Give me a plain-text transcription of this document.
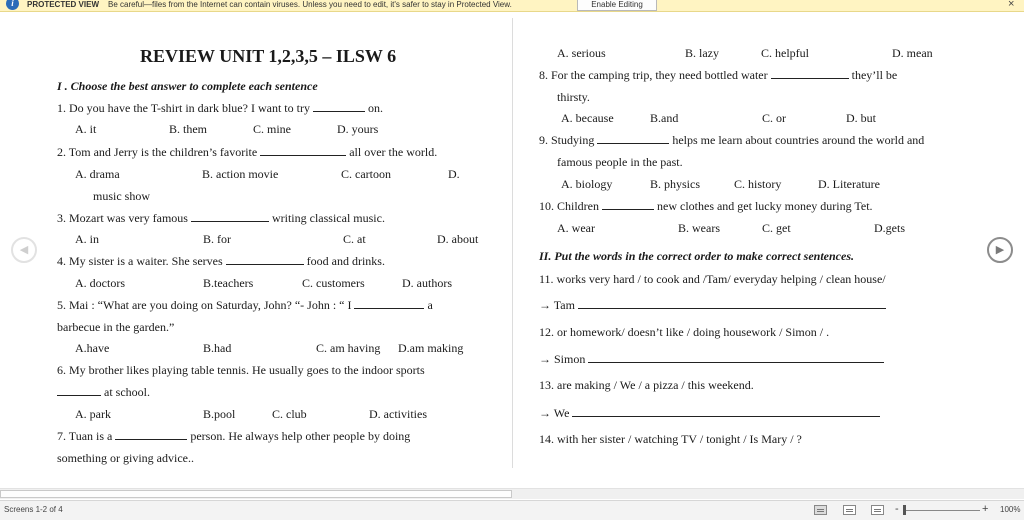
i	PROTECTED VIEW Be careful—files from the Internet can contain viruses. Unless you need to edit, it's safer to stay in Protected View.	Enable Editing	×
REVIEW UNIT 1,2,3,5 – ILSW 6
I . Choose the best answer to complete each sentence
1. Do you have the T-shirt in dark blue? I want to try	on.
A. it	B. them	C. mine	D. yours
2. Tom and Jerry is the children’s favorite	all over the world.
A. drama	B. action movie	C. cartoon	D.
music show
3. Mozart was very famous	writing classical music.
A. in	B. for	C. at	D. about
4. My sister is a waiter. She serves	food and drinks.
A. doctors	B.teachers	C. customers	D. authors
5. Mai : “What are you doing on Saturday, John? “- John : “ I	a
barbecue in the garden.”
A.have	B.had	C. am having D.am making
6. My brother likes playing table tennis. He usually goes to the indoor sports
at school.
A. park	B.pool	C. club	D. activities
7. Tuan is a	person. He always help other people by doing
something or giving advice..
A. serious	B. lazy	C. helpful	D. mean
8. For the camping trip, they need bottled water	they’ll be
thirsty.
A. because	B.and	C. or	D. but
9. Studying	helps me learn about countries around the world and
famous people in the past.
A. biology	B. physics	C. history	D. Literature
10. Children	new clothes and get lucky money during Tet.
A. wear	B. wears	C. get	D.gets
II. Put the words in the correct order to make correct sentences.
11. works very hard / to cook and /Tam/ everyday helping / clean house/
→ Tam
12. or homework/ doesn’t like / doing housework / Simon / .
→ Simon
13. are making / We / a pizza / this weekend.
→ We
14. with her sister / watching TV / tonight / Is Mary / ?
◀	▶
Screens 1-2 of 4	-	+ 100%
